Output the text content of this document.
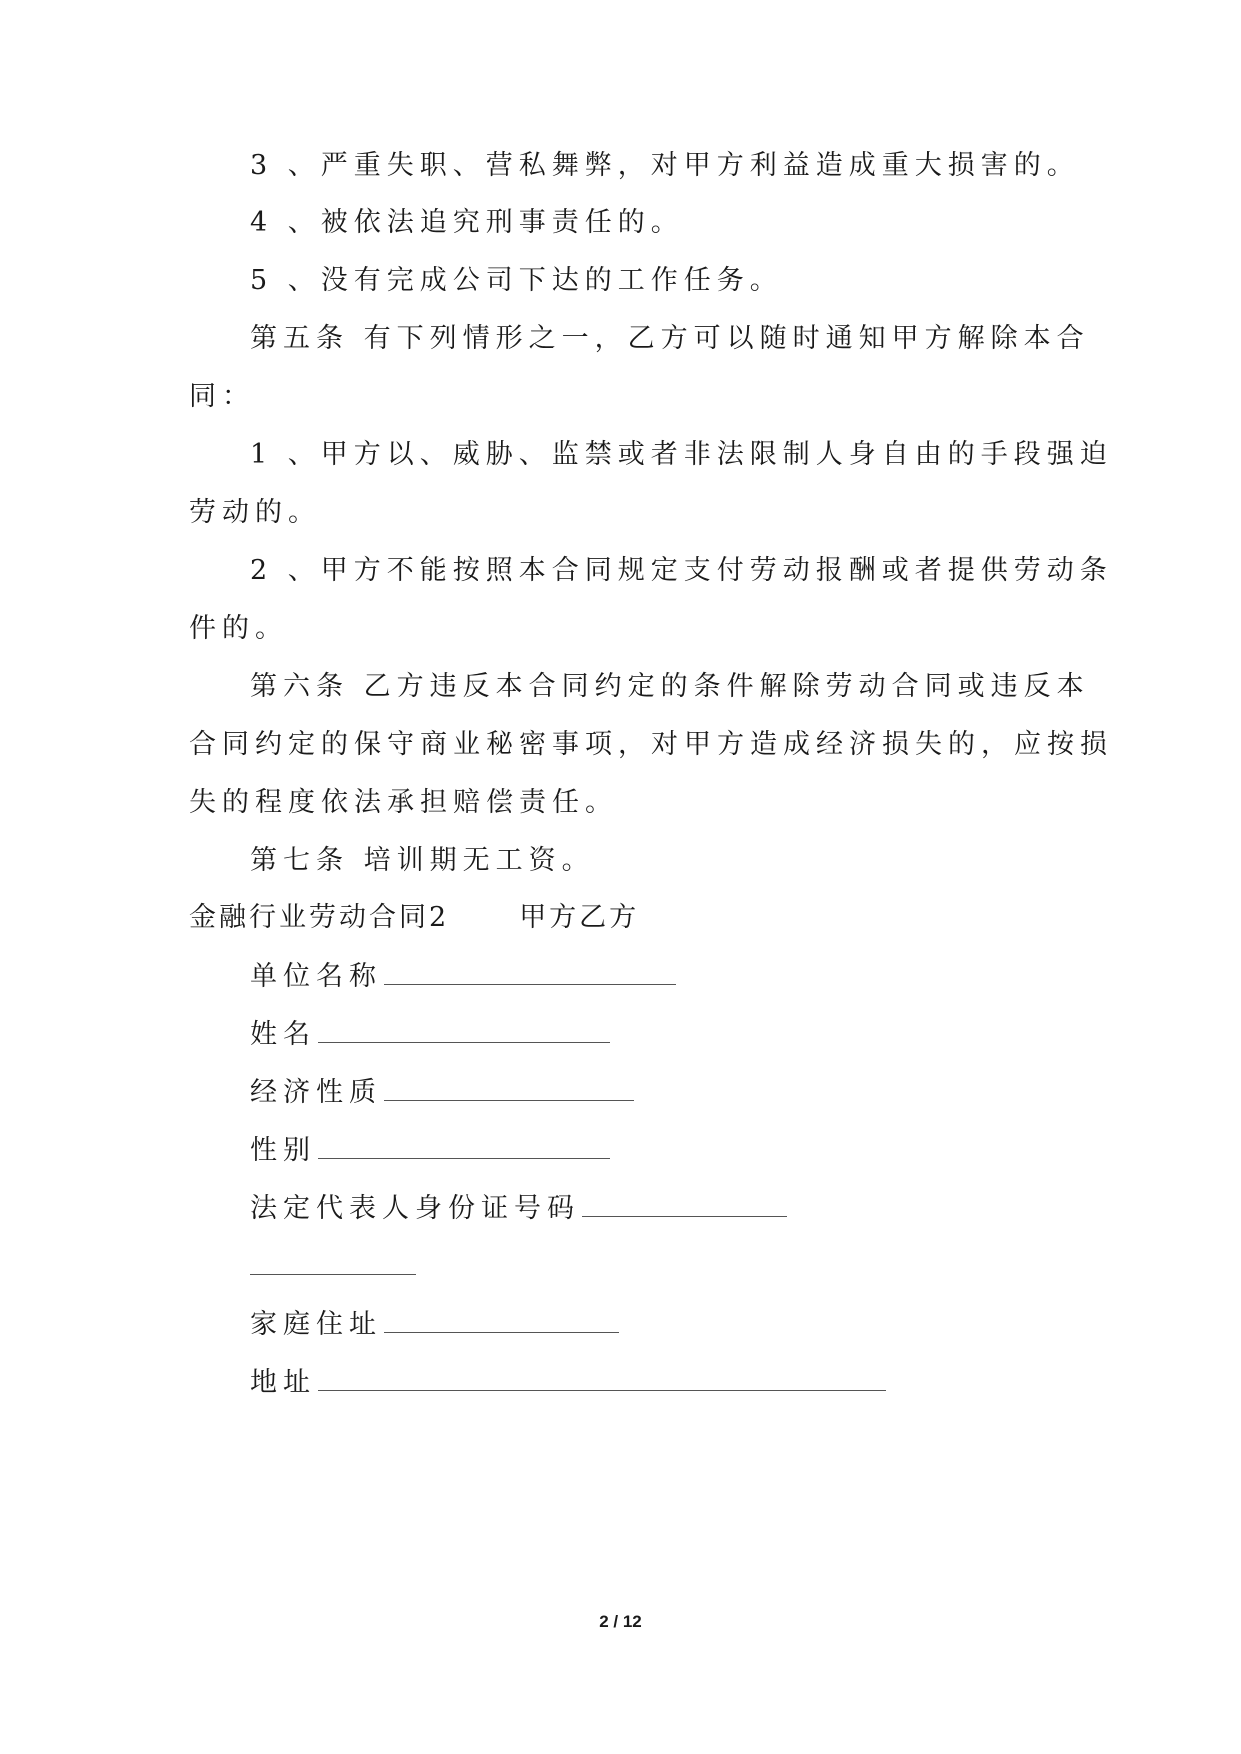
3 、严重失职、营私舞弊，对甲方利益造成重大损害的。
4 、被依法追究刑事责任的。
5 、没有完成公司下达的工作任务。
第五条 有下列情形之一，乙方可以随时通知甲方解除本合
同：
1 、甲方以、威胁、监禁或者非法限制人身自由的手段强迫
劳动的。
2 、甲方不能按照本合同规定支付劳动报酬或者提供劳动条
件的。
第六条 乙方违反本合同约定的条件解除劳动合同或违反本
合同约定的保守商业秘密事项，对甲方造成经济损失的，应按损
失的程度依法承担赔偿责任。
第七条 培训期无工资。
金融行业劳动合同2	甲方乙方
单位名称
姓名
经济性质
性别
法定代表人身份证号码
家庭住址
地址
2 / 12
